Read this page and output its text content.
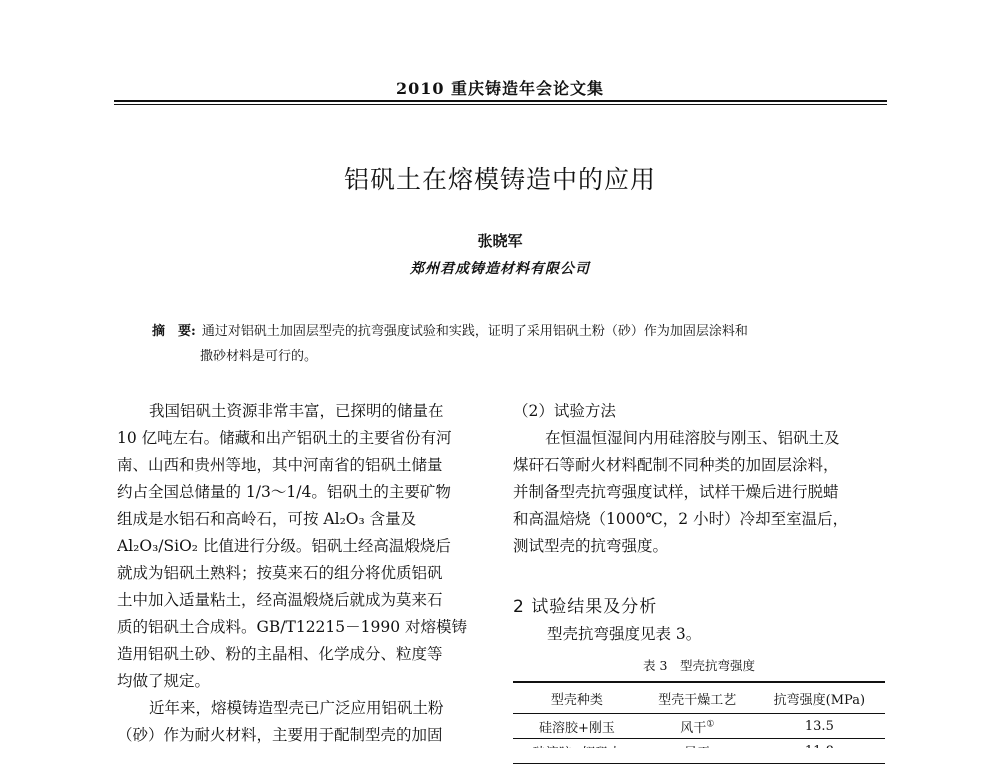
2010 重庆铸造年会论文集
铝矾土在熔模铸造中的应用
张晓军
郑州君成铸造材料有限公司
摘　要: 通过对铝矾土加固层型壳的抗弯强度试验和实践，证明了采用铝矾土粉（砂）作为加固层涂料和
撒砂材料是可行的。
我国铝矾土资源非常丰富，已探明的储量在
10 亿吨左右。储藏和出产铝矾土的主要省份有河
南、山西和贵州等地，其中河南省的铝矾土储量
约占全国总储量的 1/3～1/4。铝矾土的主要矿物
组成是水铝石和高岭石，可按 Al₂O₃ 含量及
Al₂O₃/SiO₂ 比值进行分级。铝矾土经高温煅烧后
就成为铝矾土熟料；按莫来石的组分将优质铝矾
土中加入适量粘土，经高温煅烧后就成为莫来石
质的铝矾土合成料。GB/T12215－1990 对熔模铸
造用铝矾土砂、粉的主晶相、化学成分、粒度等
均做了规定。
近年来，熔模铸造型壳已广泛应用铝矾土粉
（砂）作为耐火材料，主要用于配制型壳的加固
（2）试验方法
在恒温恒湿间内用硅溶胶与刚玉、铝矾土及
煤矸石等耐火材料配制不同种类的加固层涂料，
并制备型壳抗弯强度试样，试样干燥后进行脱蜡
和高温焙烧（1000℃，2 小时）冷却至室温后，
测试型壳的抗弯强度。
2 试验结果及分析
型壳抗弯强度见表 3。
表 3　型壳抗弯强度
型壳种类	型壳干燥工艺	抗弯强度(MPa)
硅溶胶+刚玉	风干①	13.5
